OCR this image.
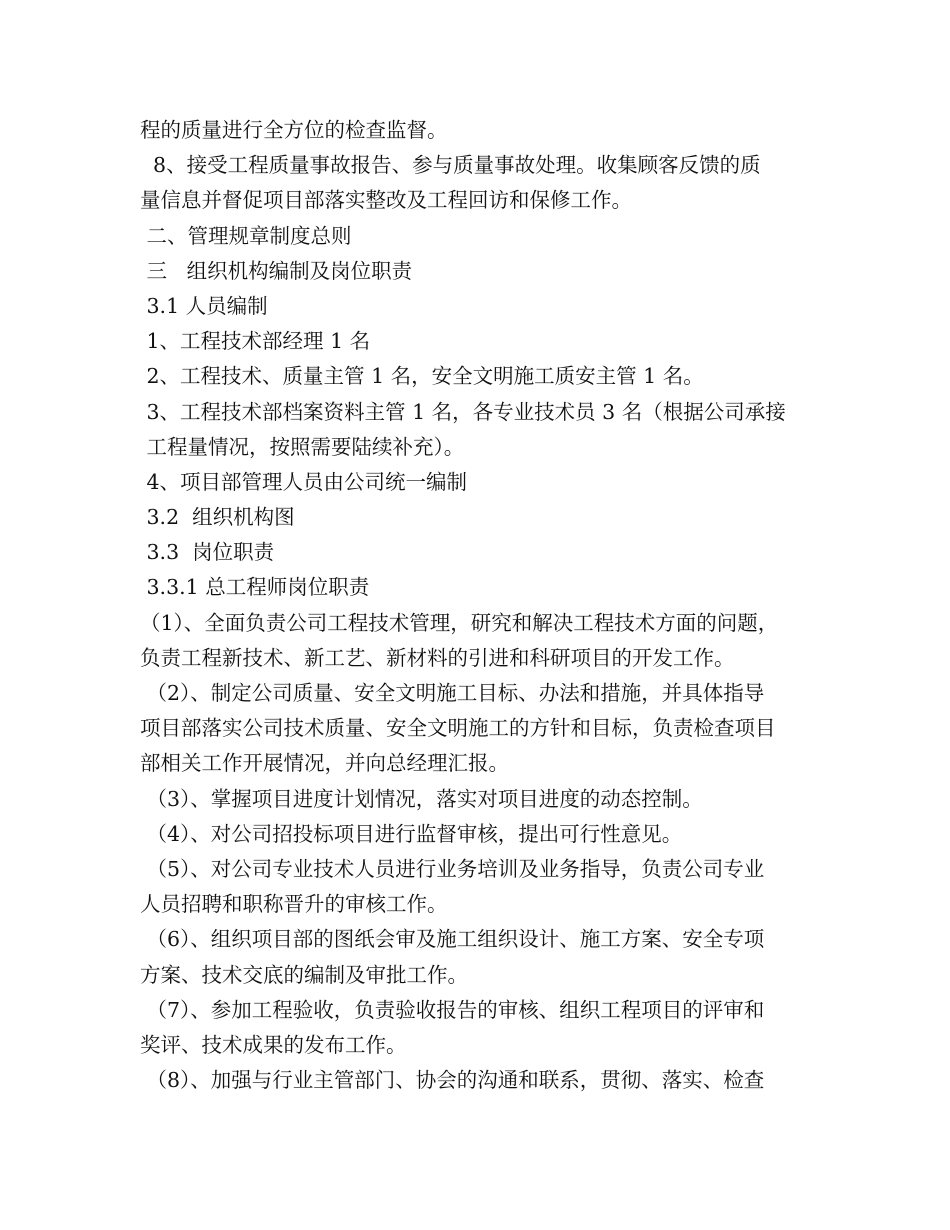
程的质量进行全方位的检查监督。
8、接受工程质量事故报告、参与质量事故处理。收集顾客反馈的质
量信息并督促项目部落实整改及工程回访和保修工作。
二、管理规章制度总则
三   组织机构编制及岗位职责
3.1 人员编制
1、工程技术部经理 1 名
2、工程技术、质量主管 1 名，安全文明施工质安主管 1 名。
3、工程技术部档案资料主管 1 名，各专业技术员 3 名（根据公司承接
工程量情况，按照需要陆续补充）。
4、项目部管理人员由公司统一编制
3.2  组织机构图
3.3  岗位职责
3.3.1 总工程师岗位职责
（1）、全面负责公司工程技术管理，研究和解决工程技术方面的问题，
负责工程新技术、新工艺、新材料的引进和科研项目的开发工作。
（2）、制定公司质量、安全文明施工目标、办法和措施，并具体指导
项目部落实公司技术质量、安全文明施工的方针和目标，负责检查项目
部相关工作开展情况，并向总经理汇报。
（3）、掌握项目进度计划情况，落实对项目进度的动态控制。
（4）、对公司招投标项目进行监督审核，提出可行性意见。
（5）、对公司专业技术人员进行业务培训及业务指导，负责公司专业
人员招聘和职称晋升的审核工作。
（6）、组织项目部的图纸会审及施工组织设计、施工方案、安全专项
方案、技术交底的编制及审批工作。
（7）、参加工程验收，负责验收报告的审核、组织工程项目的评审和
奖评、技术成果的发布工作。
（8）、加强与行业主管部门、协会的沟通和联系，贯彻、落实、检查
